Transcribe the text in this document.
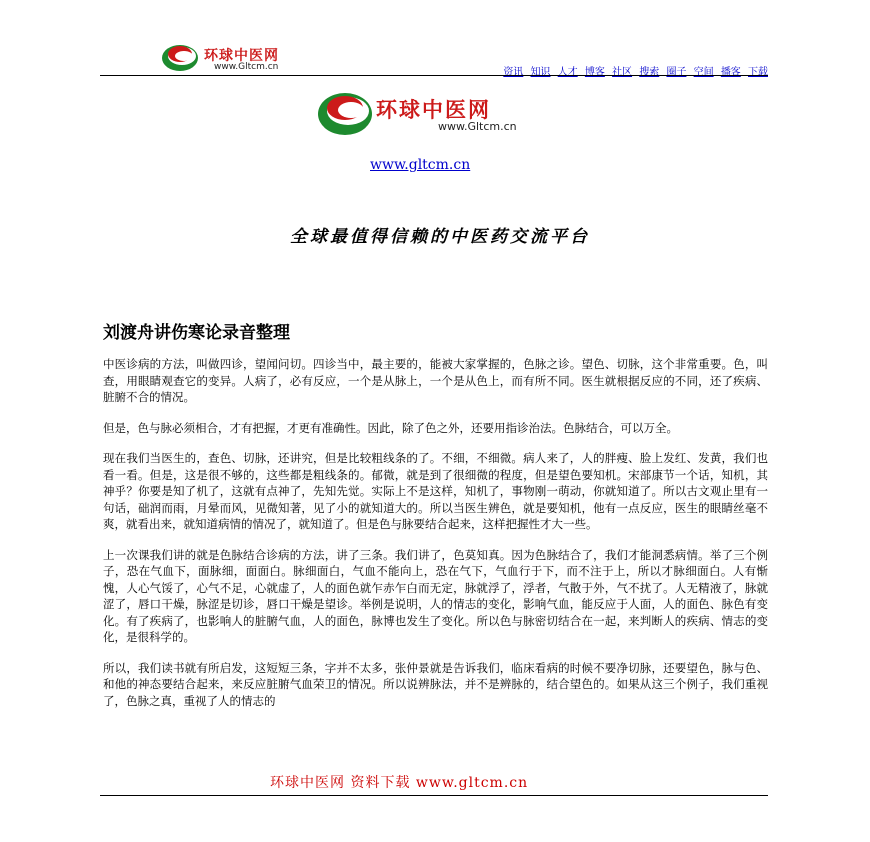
环球中医网
www.Gltcm.cn	资讯 知识 人才 博客 社区 搜索 圈子 空间 播客 下载
环球中医网
www.Gltcm.cn
www.gltcm.cn
全球最值得信赖的中医药交流平台
刘渡舟讲伤寒论录音整理

中医诊病的方法，叫做四诊，望闻问切。四诊当中，最主要的，能被大家掌握的，色脉之诊。望色、切脉，这个非常重要。色，叫查，用眼睛观查它的变异。人病了，必有反应，一个是从脉上，一个是从色上，而有所不同。医生就根据反应的不同，还了疾病、脏腑不合的情况。

但是，色与脉必须相合，才有把握，才更有准确性。因此，除了色之外，还要用指诊治法。色脉结合，可以万全。

现在我们当医生的，查色、切脉，还讲究，但是比较粗线条的了。不细，不细微。病人来了，人的胖瘦、脸上发红、发黄，我们也看一看。但是，这是很不够的，这些都是粗线条的。郁微，就是到了很细微的程度，但是望色要知机。宋部康节一个话，知机，其神乎？你要是知了机了，这就有点神了，先知先觉。实际上不是这样，知机了，事物刚一萌动，你就知道了。所以古文观止里有一句话，础润而雨，月晕而风，见微知著，见了小的就知道大的。所以当医生辨色，就是要知机，他有一点反应，医生的眼睛丝毫不爽，就看出来，就知道病情的情况了，就知道了。但是色与脉要结合起来，这样把握性才大一些。

上一次课我们讲的就是色脉结合诊病的方法，讲了三条。我们讲了，色莫知真。因为色脉结合了，我们才能洞悉病情。举了三个例子，恐在气血下，面脉细，面面白。脉细面白，气血不能向上，恐在气下，气血行于下，而不注于上，所以才脉细面白。人有惭愧，人心气馁了，心气不足，心就虚了，人的面色就乍赤乍白而无定，脉就浮了，浮者，气散于外，气不扰了。人无精液了，脉就涩了，唇口干燥，脉涩是切诊，唇口干燥是望诊。举例是说明，人的情志的变化，影响气血，能反应于人面，人的面色、脉色有变化。有了疾病了，也影响人的脏腑气血，人的面色，脉博也发生了变化。所以色与脉密切结合在一起，来判断人的疾病、情志的变化，是很科学的。

所以，我们读书就有所启发，这短短三条，字并不太多，张仲景就是告诉我们，临床看病的时候不要净切脉，还要望色，脉与色、和他的神态要结合起来，来反应脏腑气血荣卫的情况。所以说辨脉法，并不是辨脉的，结合望色的。如果从这三个例子，我们重视了，色脉之真，重视了人的情志的

环球中医网 资料下载 www.gltcm.cn
